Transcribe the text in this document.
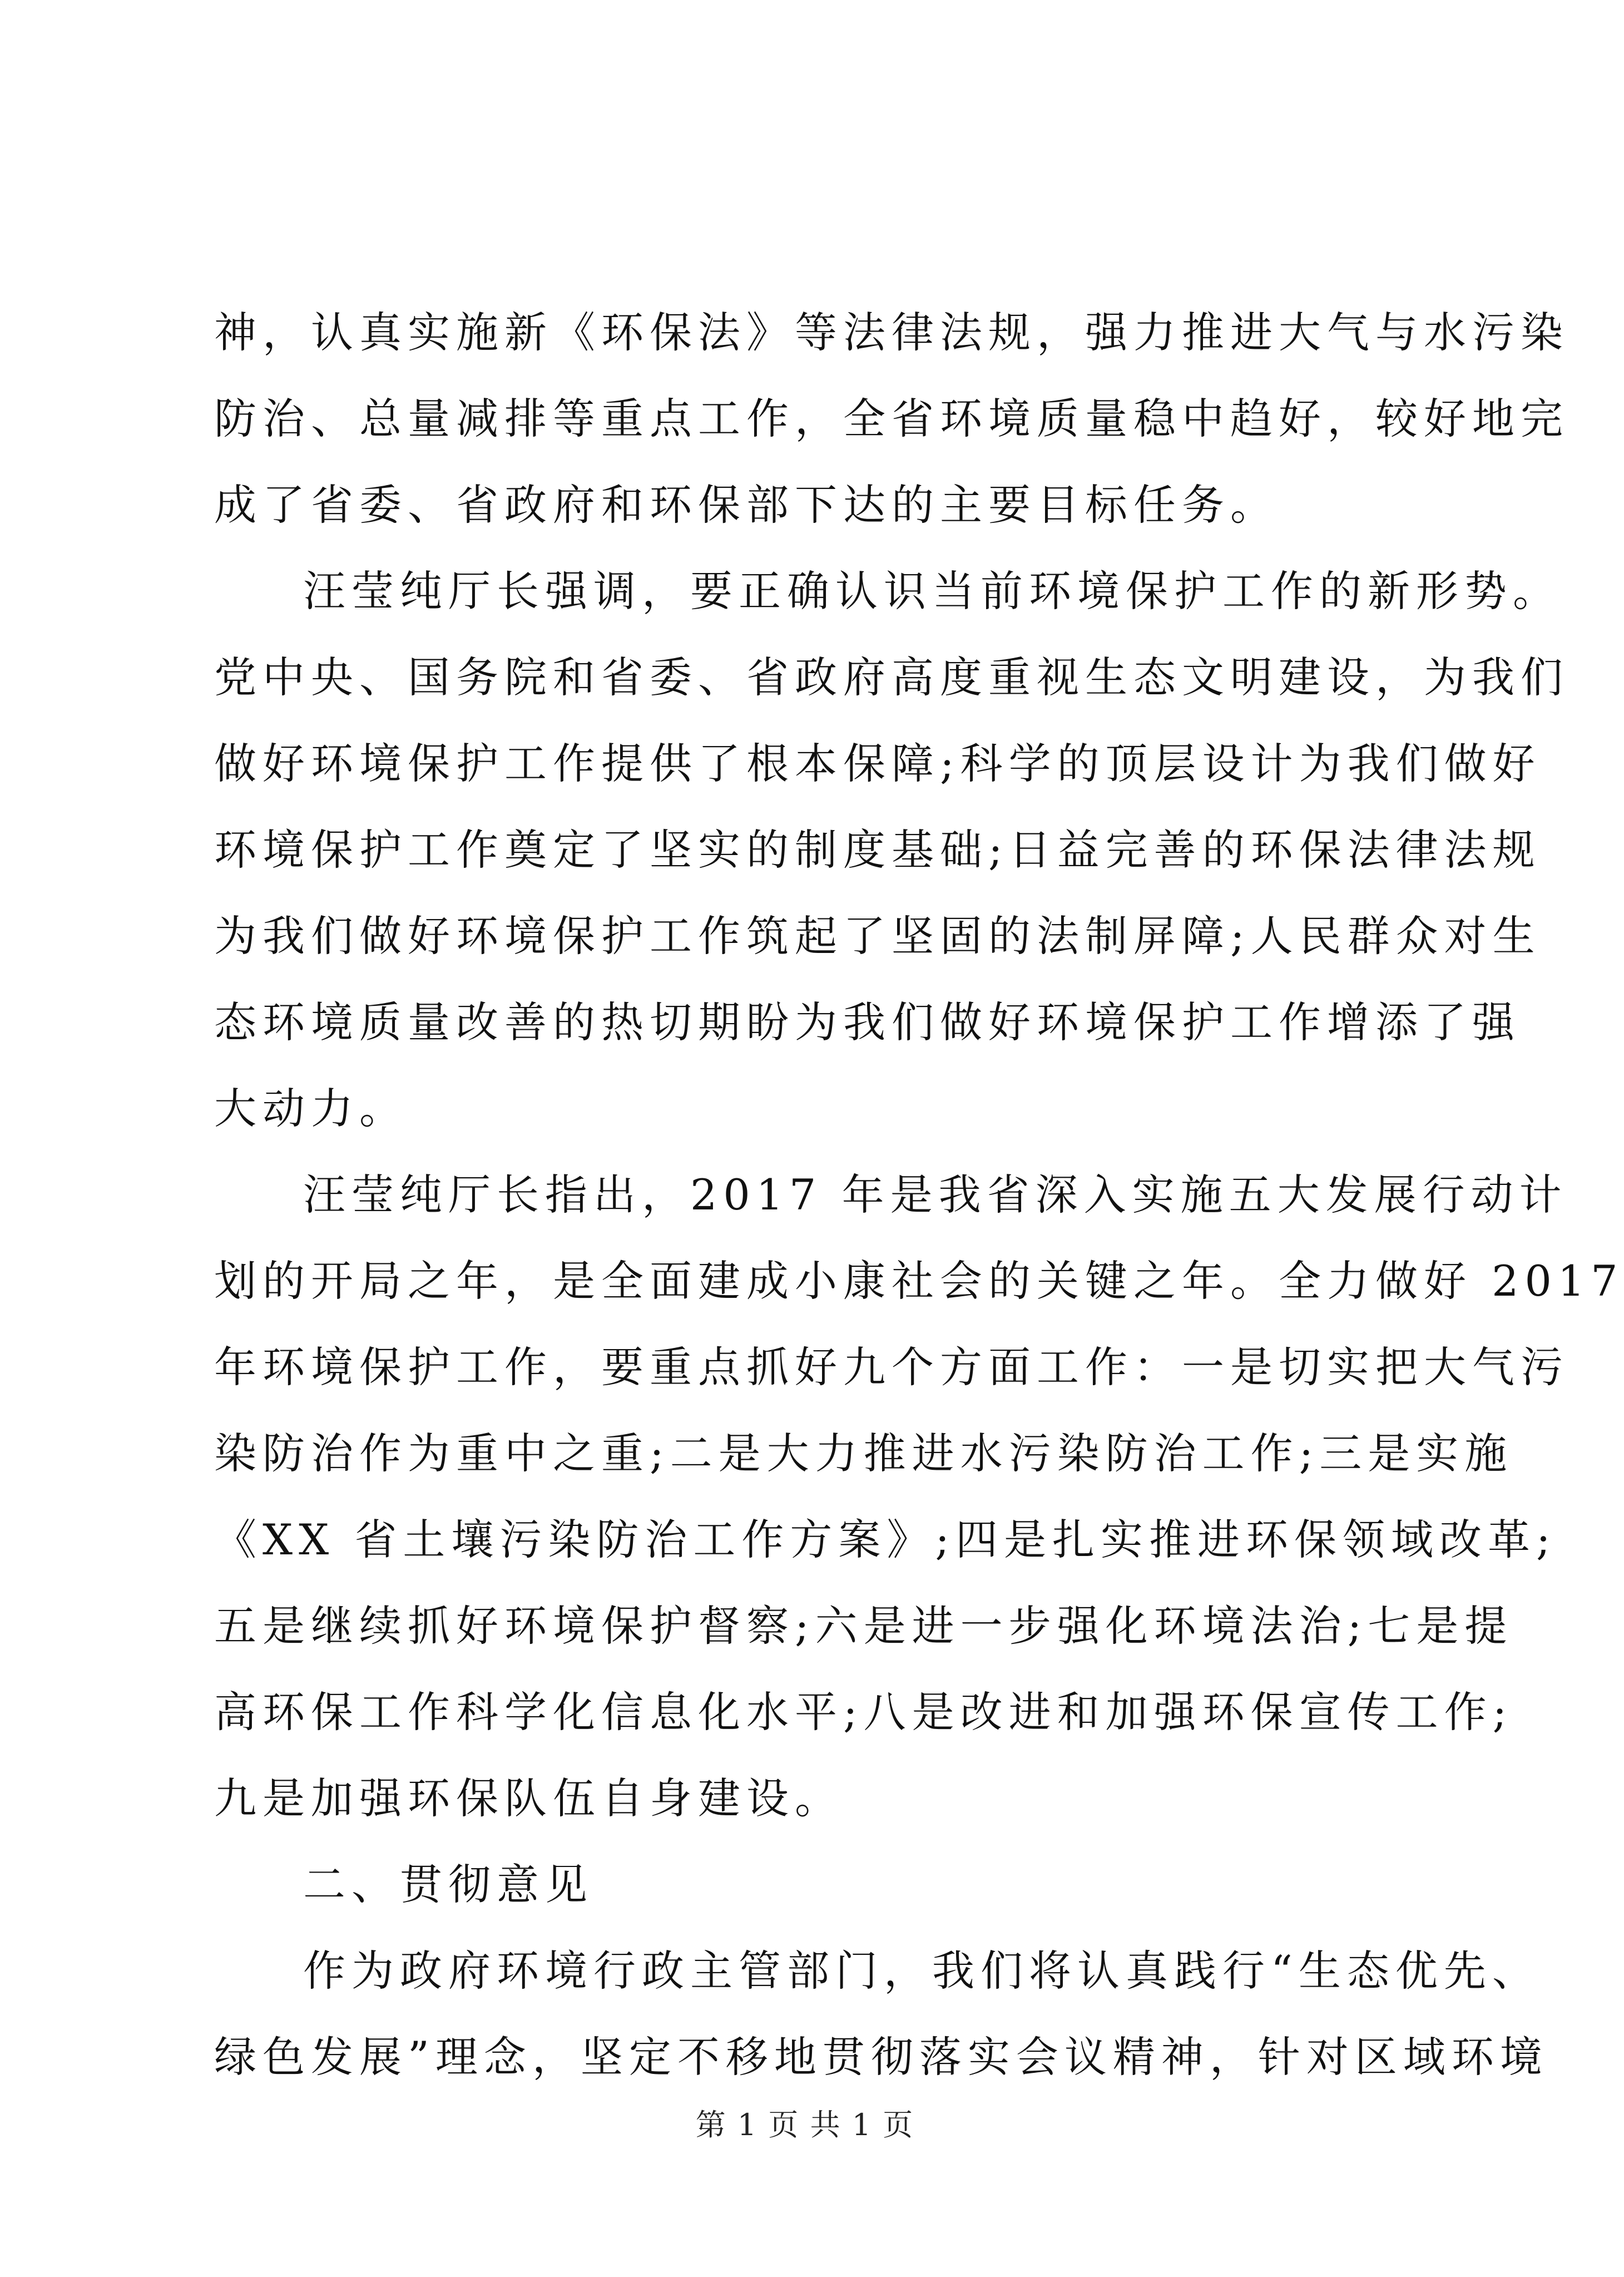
神，认真实施新《环保法》等法律法规，强力推进大气与水污染
防治、总量减排等重点工作，全省环境质量稳中趋好，较好地完
成了省委、省政府和环保部下达的主要目标任务。
汪莹纯厅长强调，要正确认识当前环境保护工作的新形势。
党中央、国务院和省委、省政府高度重视生态文明建设，为我们
做好环境保护工作提供了根本保障;科学的顶层设计为我们做好
环境保护工作奠定了坚实的制度基础;日益完善的环保法律法规
为我们做好环境保护工作筑起了坚固的法制屏障;人民群众对生
态环境质量改善的热切期盼为我们做好环境保护工作增添了强
大动力。
汪莹纯厅长指出，2017 年是我省深入实施五大发展行动计
划的开局之年，是全面建成小康社会的关键之年。全力做好 2017
年环境保护工作，要重点抓好九个方面工作：一是切实把大气污
染防治作为重中之重;二是大力推进水污染防治工作;三是实施
《XX 省土壤污染防治工作方案》;四是扎实推进环保领域改革;
五是继续抓好环境保护督察;六是进一步强化环境法治;七是提
高环保工作科学化信息化水平;八是改进和加强环保宣传工作;
九是加强环保队伍自身建设。
二、贯彻意见
作为政府环境行政主管部门，我们将认真践行“生态优先、
绿色发展”理念，坚定不移地贯彻落实会议精神，针对区域环境
第 1 页 共 1 页
